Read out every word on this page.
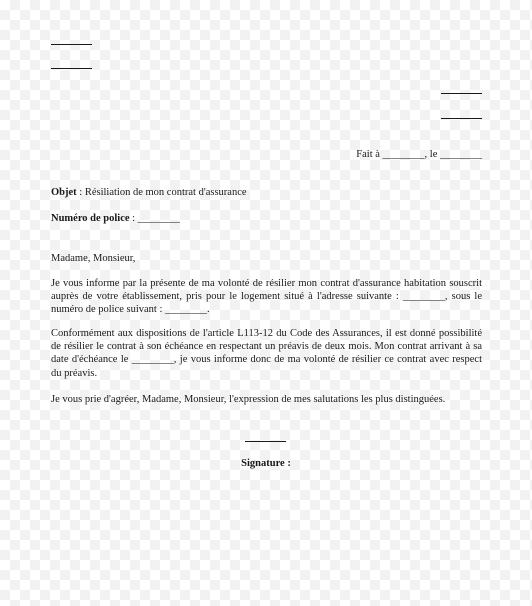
Fait à ________, le ________
Objet : Résiliation de mon contrat d'assurance
Numéro de police : ________
Madame, Monsieur,
Je vous informe par la présente de ma volonté de résilier mon contrat d'assurance habitation souscrit auprès de votre établissement, pris pour le logement situé à l'adresse suivante : ________, sous le numéro de police suivant : ________.
Conformément aux dispositions de l'article L113-12 du Code des Assurances, il est donné possibilité de résilier le contrat à son échéance en respectant un préavis de deux mois. Mon contrat arrivant à sa date d'échéance le ________, je vous informe donc de ma volonté de résilier ce contrat avec respect du préavis.
Je vous prie d'agréer, Madame, Monsieur, l'expression de mes salutations les plus distinguées.
Signature :
